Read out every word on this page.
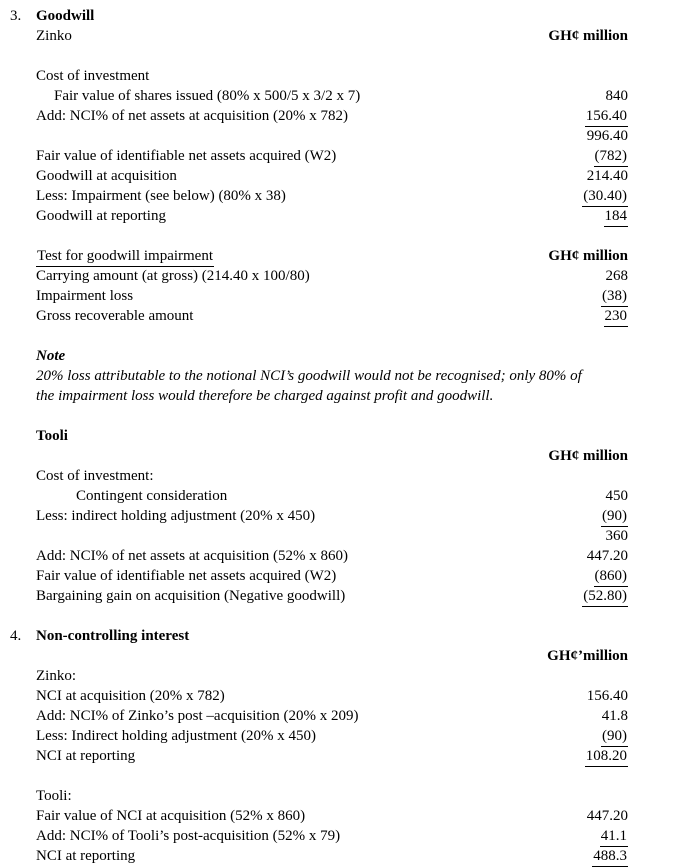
3. Goodwill
Zinko	GH¢ million
Cost of investment
Fair value of shares issued (80% x 500/5 x 3/2 x 7)	840
Add: NCI% of net assets at acquisition (20% x 782)	156.40
996.40
Fair value of identifiable net assets acquired (W2)	(782)
Goodwill at acquisition	214.40
Less: Impairment (see below) (80% x 38)	(30.40)
Goodwill at reporting	184
Test for goodwill impairment	GH¢ million
Carrying amount (at gross) (214.40 x 100/80)	268
Impairment loss	(38)
Gross recoverable amount	230
Note
20% loss attributable to the notional NCI’s goodwill would not be recognised; only 80% of
the impairment loss would therefore be charged against profit and goodwill.
Tooli
GH¢ million
Cost of investment:
Contingent consideration	450
Less: indirect holding adjustment (20% x 450)	(90)
360
Add: NCI% of net assets at acquisition (52% x 860)	447.20
Fair value of identifiable net assets acquired (W2)	(860)
Bargaining gain on acquisition (Negative goodwill)	(52.80)
4. Non-controlling interest
GH¢’million
Zinko:
NCI at acquisition (20% x 782)	156.40
Add: NCI% of Zinko’s post –acquisition (20% x 209)	41.8
Less: Indirect holding adjustment (20% x 450)	(90)
NCI at reporting	108.20
Tooli:
Fair value of NCI at acquisition (52% x 860)	447.20
Add: NCI% of Tooli’s post-acquisition (52% x 79)	41.1
NCI at reporting	488.3
